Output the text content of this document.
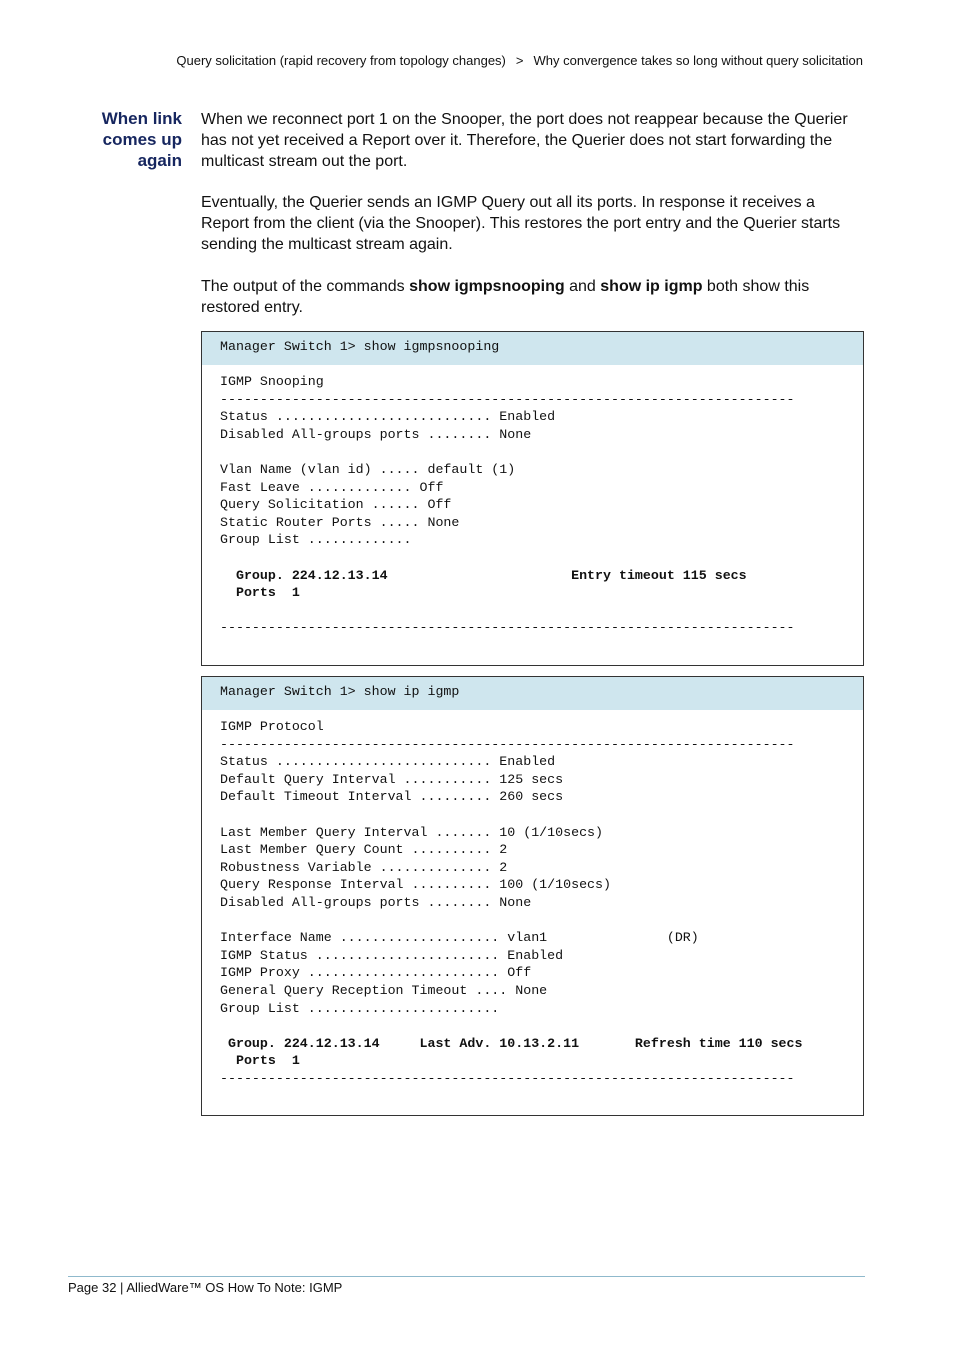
Query solicitation (rapid recovery from topology changes) > Why convergence takes so long without query solicitation
When link
comes up
again
When we reconnect port 1 on the Snooper, the port does not reappear because the Querier has not yet received a Report over it. Therefore, the Querier does not start forwarding the multicast stream out the port.
Eventually, the Querier sends an IGMP Query out all its ports. In response it receives a Report from the client (via the Snooper). This restores the port entry and the Querier starts sending the multicast stream again.
The output of the commands show igmpsnooping and show ip igmp both show this restored entry.
Manager Switch 1> show igmpsnooping
IGMP Snooping
------------------------------------------------------------------------
Status ........................... Enabled
Disabled All-groups ports ........ None

Vlan Name (vlan id) ..... default (1)
Fast Leave ............. Off
Query Solicitation ...... Off
Static Router Ports ..... None
Group List .............

Group. 224.12.13.14                       Entry timeout 115 secs
Ports  1

------------------------------------------------------------------------

Manager Switch 1> show ip igmp
IGMP Protocol
------------------------------------------------------------------------
Status ........................... Enabled
Default Query Interval ........... 125 secs
Default Timeout Interval ......... 260 secs

Last Member Query Interval ....... 10 (1/10secs)
Last Member Query Count .......... 2
Robustness Variable .............. 2
Query Response Interval .......... 100 (1/10secs)
Disabled All-groups ports ........ None

Interface Name .................... vlan1               (DR)
IGMP Status ....................... Enabled
IGMP Proxy ........................ Off
General Query Reception Timeout .... None
Group List ........................

Group. 224.12.13.14     Last Adv. 10.13.2.11       Refresh time 110 secs
Ports  1
------------------------------------------------------------------------

Page 32 | AlliedWare™ OS How To Note: IGMP
